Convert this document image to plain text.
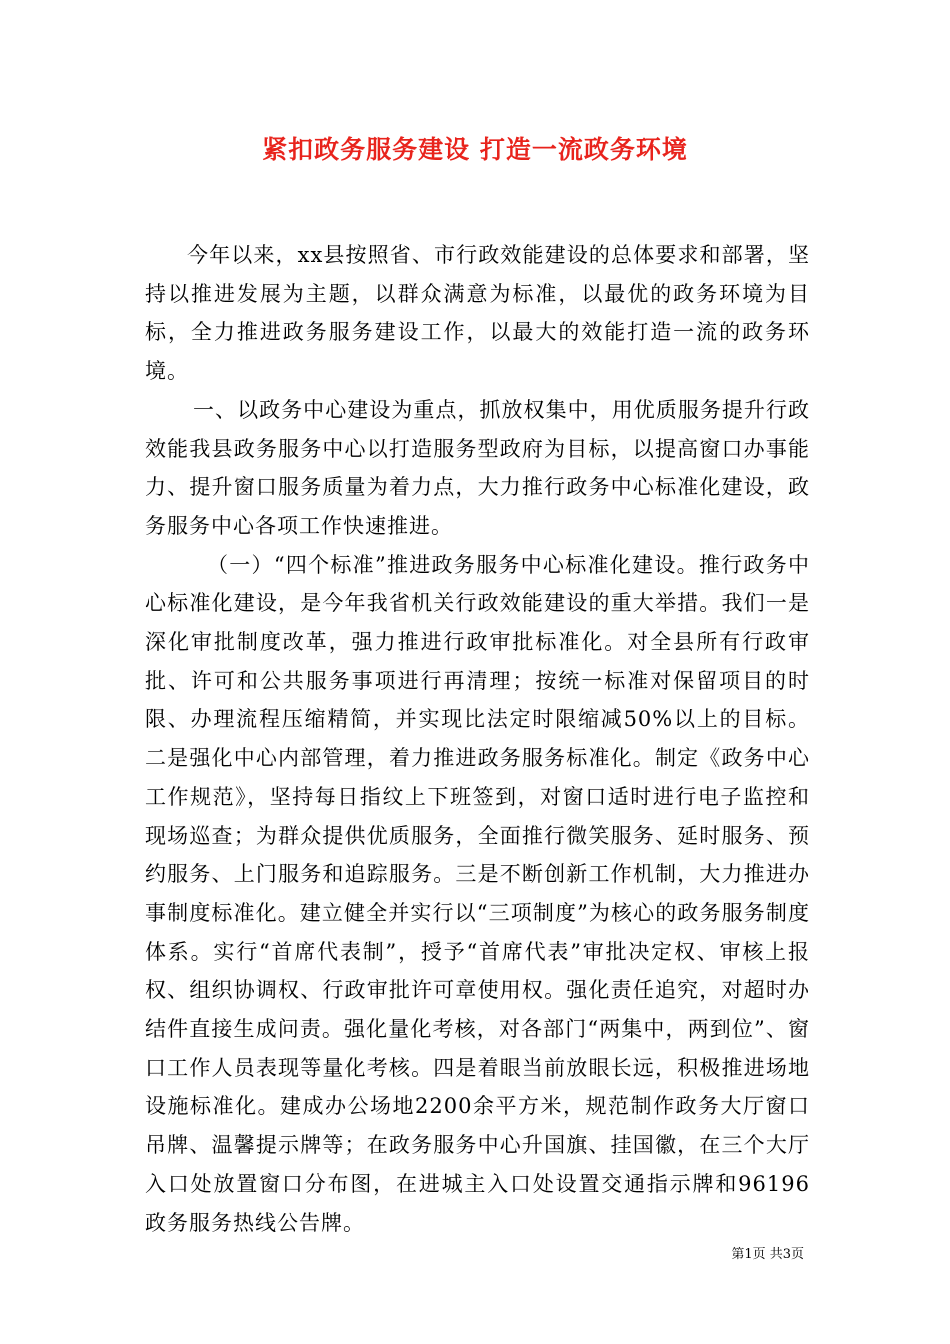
紧扣政务服务建设 打造一流政务环境

今年以来，xx县按照省、市行政效能建设的总体要求和部署，坚持以推进发展为主题，以群众满意为标准，以最优的政务环境为目标，全力推进政务服务建设工作，以最大的效能打造一流的政务环境。

一、以政务中心建设为重点，抓放权集中，用优质服务提升行政效能我县政务服务中心以打造服务型政府为目标，以提高窗口办事能力、提升窗口服务质量为着力点，大力推行政务中心标准化建设，政务服务中心各项工作快速推进。

（一）“四个标准”推进政务服务中心标准化建设。推行政务中心标准化建设，是今年我省机关行政效能建设的重大举措。我们一是深化审批制度改革，强力推进行政审批标准化。对全县所有行政审批、许可和公共服务事项进行再清理；按统一标准对保留项目的时限、办理流程压缩精简，并实现比法定时限缩减50%以上的目标。二是强化中心内部管理，着力推进政务服务标准化。制定《政务中心工作规范》，坚持每日指纹上下班签到，对窗口适时进行电子监控和现场巡查；为群众提供优质服务，全面推行微笑服务、延时服务、预约服务、上门服务和追踪服务。三是不断创新工作机制，大力推进办事制度标准化。建立健全并实行以“三项制度”为核心的政务服务制度体系。实行“首席代表制”，授予“首席代表”审批决定权、审核上报权、组织协调权、行政审批许可章使用权。强化责任追究，对超时办结件直接生成问责。强化量化考核，对各部门“两集中，两到位”、窗口工作人员表现等量化考核。四是着眼当前放眼长远，积极推进场地设施标准化。建成办公场地2200余平方米，规范制作政务大厅窗口吊牌、温馨提示牌等；在政务服务中心升国旗、挂国徽，在三个大厅入口处放置窗口分布图，在进城主入口处设置交通指示牌和96196政务服务热线公告牌。

第1页 共3页
